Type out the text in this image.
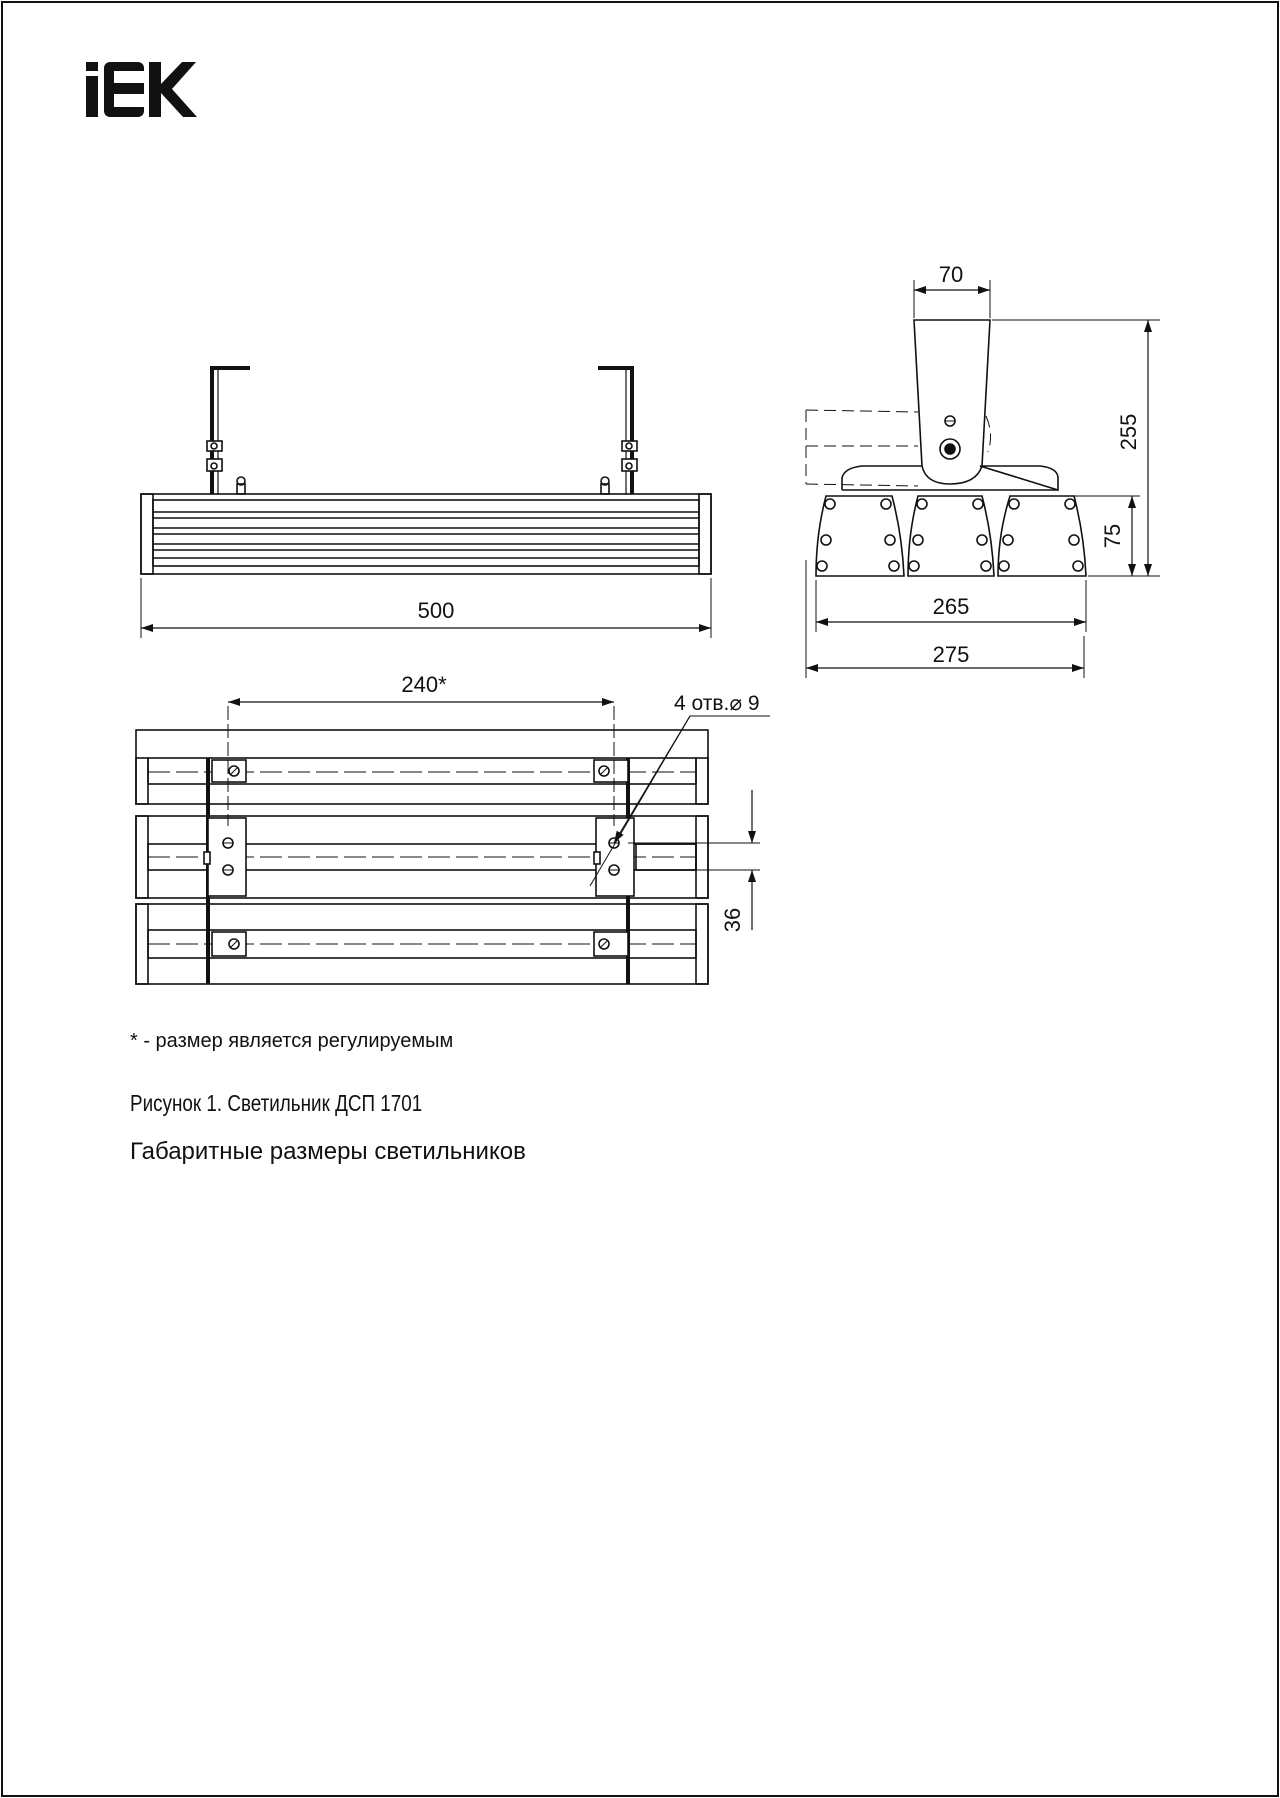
500
70
255
75
265
275
240*
4 отв.⌀ 9
36
* - размер является регулируемым
Рисунок 1. Светильник ДСП 1701
Габаритные размеры светильников
